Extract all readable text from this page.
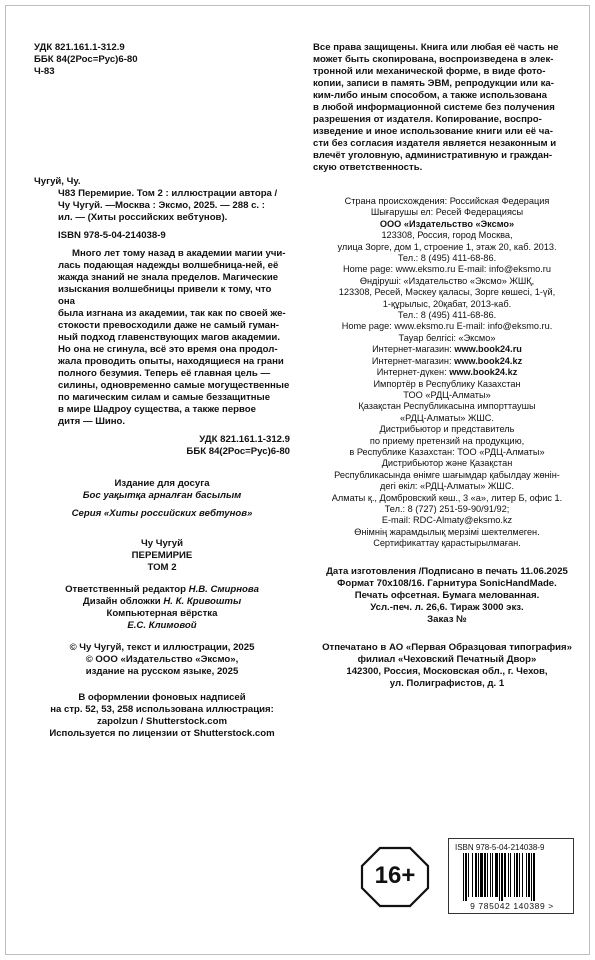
УДК 821.161.1-312.9

ББК 84(2Рос=Рус)6-80

Ч-83

Чугуй, Чу.

Ч83 Перемирие. Том 2 : иллюстрации автора /

Чу Чугуй. —Москва : Эксмо, 2025. — 288 с. :

ил. — (Хиты российских вебтунов).

ISBN 978-5-04-214038-9

Много лет тому назад в академии магии учи-

лась подающая надежды волшебница-ней, её

жажда знаний не знала пределов. Магические

изыскания волшебницы привели к тому, что она

была изгнана из академии, так как по своей же-

стокости превосходили даже не самый гуман-

ный подход главенствующих магов академии.

Но она не сгинула, всё это время она продол-

жала проводить опыты, находящиеся на грани

полного безумия. Теперь её главная цель —

силины, одновременно самые могущественные

по магическим силам и самые беззащитные

в мире Шадроу существа, а также первое

дитя — Шино.

УДК 821.161.1-312.9

ББК 84(2Рос=Рус)6-80

Издание для досуга

Бос уақытқа арналған басылым

Серия «Хиты российских вебтунов»

Чу Чугуй

ПЕРЕМИРИЕ

ТОМ 2

Ответственный редактор Н.В. Смирнова

Дизайн обложки Н. К. Кривошты

Компьютерная вёрстка

Е.С. Климовой

© Чу Чугуй, текст и иллюстрации, 2025

© ООО «Издательство «Эксмо»,

издание на русском языке, 2025

В оформлении фоновых надписей

на стр. 52, 53, 258 использована иллюстрация:

zapolzun / Shutterstock.com

Используется по лицензии от Shutterstock.com

Все права защищены. Книга или любая её часть не

может быть скопирована, воспроизведена в элек-

тронной или механической форме, в виде фото-

копии, записи в память ЭВМ, репродукции или ка-

ким-либо иным способом, а также использована

в любой информационной системе без получения

разрешения от издателя. Копирование, воспро-

изведение и иное использование книги или её ча-

сти без согласия издателя является незаконным и

влечёт уголовную, административную и граждан-

скую ответственность.

Страна происхождения: Российская Федерация

Шығарушы ел: Ресей Федерациясы

ООО «Издательство «Эксмо»

123308, Россия, город Москва,

улица Зорге, дом 1, строение 1, этаж 20, каб. 2013.

Тел.: 8 (495) 411-68-86.

Home page: www.eksmo.ru E-mail: info@eksmo.ru

Өндіруші: «Издательство «Эксмо» ЖШҚ,

123308, Ресей, Мәскеу қаласы, Зорге көшесі, 1-үй,

1-құрылыс, 20қабат, 2013-каб.

Тел.: 8 (495) 411-68-86.

Home page: www.eksmo.ru E-mail: info@eksmo.ru.

Тауар белгісі: «Эксмо»

Интернет-магазин: www.book24.ru

Интернет-магазин: www.book24.kz

Интернет-дүкен: www.book24.kz

Импортёр в Республику Казахстан

ТОО «РДЦ-Алматы»

Қазақстан Республикасына импорттаушы

«РДЦ-Алматы» ЖШС.

Дистрибьютор и представитель

по приему претензий на продукцию,

в Республике Казахстан: ТОО «РДЦ-Алматы»

Дистрибьютор және Қазақстан

Республикасында өнімге шағымдар қабылдау жөнін-

дегі өкіл: «РДЦ-Алматы» ЖШС.

Алматы қ., Домбровский көш., 3 «а», литер Б, офис 1.

Тел.: 8 (727) 251-59-90/91/92;

E-mail: RDC-Almaty@eksmo.kz

Өнімнің жарамдылық мерзімі шектелмеген.

Сертификаттау қарастырылмаған.

Дата изготовления /Подписано в печать 11.06.2025

Формат 70x108/16. Гарнитура SonicHandMade.

Печать офсетная. Бумага мелованная.

Усл.-печ. л. 26,6. Тираж 3000 экз.

Заказ №

Отпечатано в АО «Первая Образцовая типография»

филиал «Чеховский Печатный Двор»

142300, Россия, Московская обл., г. Чехов,

ул. Полиграфистов, д. 1

16+

ISBN 978-5-04-214038-9

9 785042 140389 >
